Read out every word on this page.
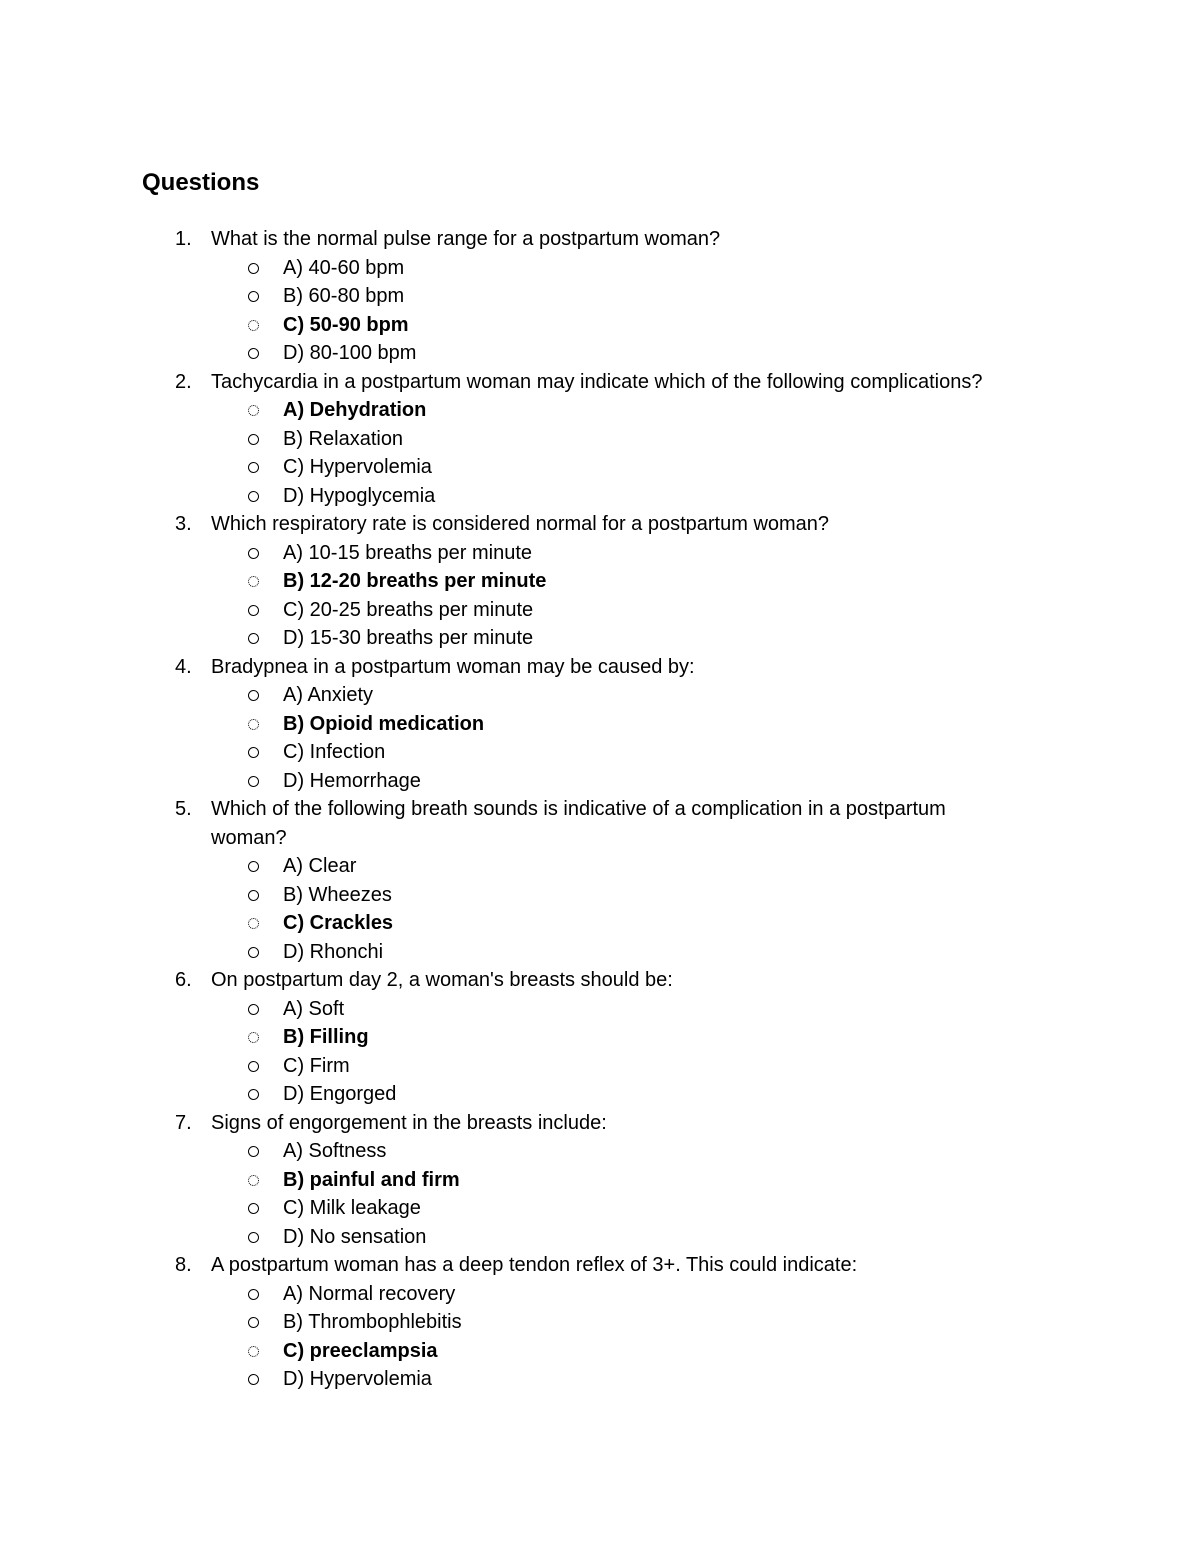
Questions
1. What is the normal pulse range for a postpartum woman?
A) 40-60 bpm
B) 60-80 bpm
C) 50-90 bpm
D) 80-100 bpm
2. Tachycardia in a postpartum woman may indicate which of the following complications?
A) Dehydration
B) Relaxation
C) Hypervolemia
D) Hypoglycemia
3. Which respiratory rate is considered normal for a postpartum woman?
A) 10-15 breaths per minute
B) 12-20 breaths per minute
C) 20-25 breaths per minute
D) 15-30 breaths per minute
4. Bradypnea in a postpartum woman may be caused by:
A) Anxiety
B) Opioid medication
C) Infection
D) Hemorrhage
5. Which of the following breath sounds is indicative of a complication in a postpartum woman?
A) Clear
B) Wheezes
C) Crackles
D) Rhonchi
6. On postpartum day 2, a woman's breasts should be:
A) Soft
B) Filling
C) Firm
D) Engorged
7. Signs of engorgement in the breasts include:
A) Softness
B) painful and firm
C) Milk leakage
D) No sensation
8. A postpartum woman has a deep tendon reflex of 3+. This could indicate:
A) Normal recovery
B) Thrombophlebitis
C) preeclampsia
D) Hypervolemia
